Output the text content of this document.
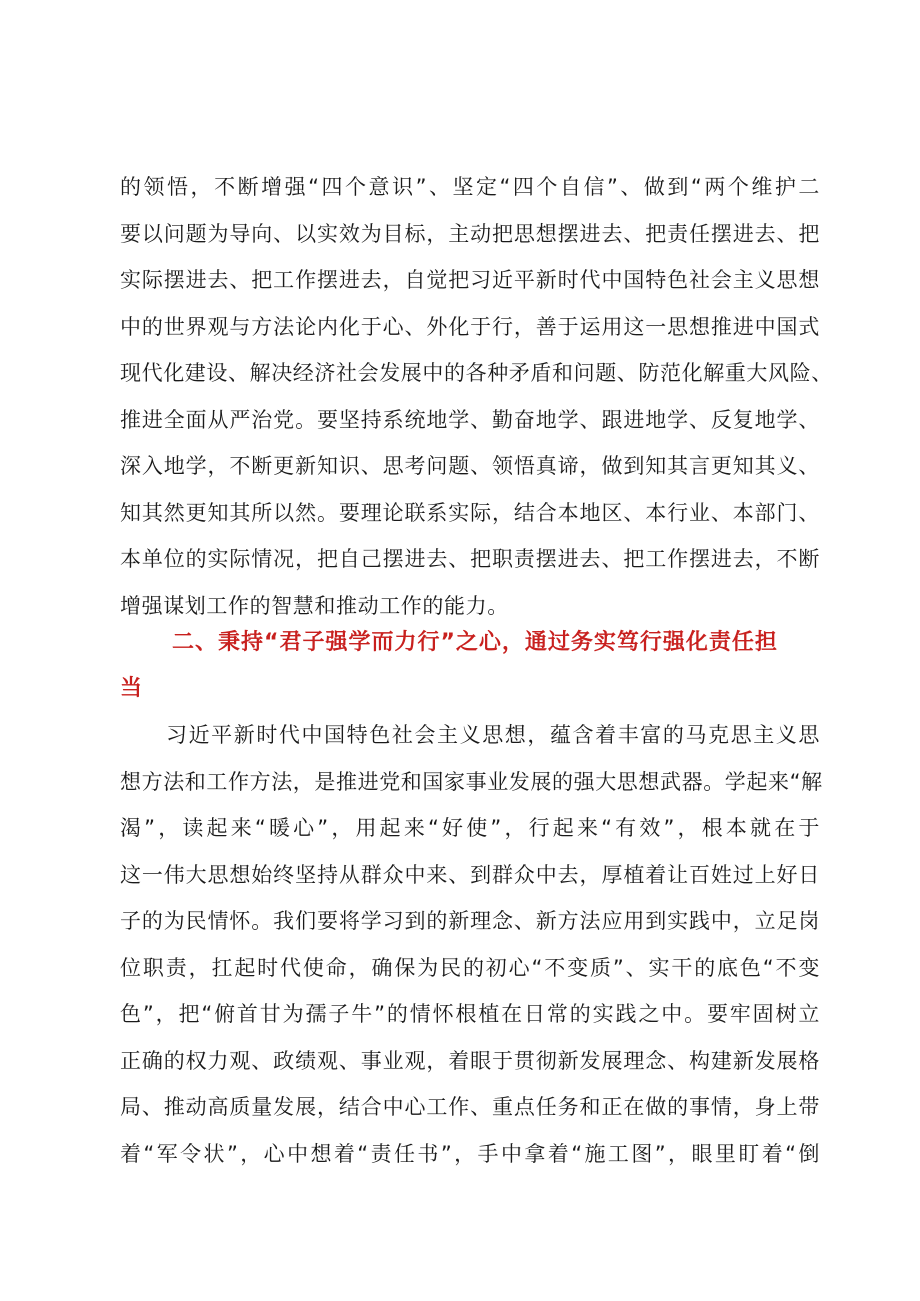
的领悟，不断增强“四个意识”、坚定“四个自信”、做到“两个维护二
要以问题为导向、以实效为目标，主动把思想摆进去、把责任摆进去、把
实际摆进去、把工作摆进去，自觉把习近平新时代中国特色社会主义思想
中的世界观与方法论内化于心、外化于行，善于运用这一思想推进中国式
现代化建设、解决经济社会发展中的各种矛盾和问题、防范化解重大风险、
推进全面从严治党。要坚持系统地学、勤奋地学、跟进地学、反复地学、
深入地学，不断更新知识、思考问题、领悟真谛，做到知其言更知其义、
知其然更知其所以然。要理论联系实际，结合本地区、本行业、本部门、
本单位的实际情况，把自己摆进去、把职责摆进去、把工作摆进去，不断
增强谋划工作的智慧和推动工作的能力。
二、秉持“君子强学而力行”之心，通过务实笃行强化责任担
当
习近平新时代中国特色社会主义思想，蕴含着丰富的马克思主义思
想方法和工作方法，是推进党和国家事业发展的强大思想武器。学起来“解
渴”，读起来“暖心”，用起来“好使”，行起来“有效”，根本就在于
这一伟大思想始终坚持从群众中来、到群众中去，厚植着让百姓过上好日
子的为民情怀。我们要将学习到的新理念、新方法应用到实践中，立足岗
位职责，扛起时代使命，确保为民的初心“不变质”、实干的底色“不变
色”，把“俯首甘为孺子牛”的情怀根植在日常的实践之中。要牢固树立
正确的权力观、政绩观、事业观，着眼于贯彻新发展理念、构建新发展格
局、推动高质量发展，结合中心工作、重点任务和正在做的事情，身上带
着“军令状”，心中想着“责任书”，手中拿着“施工图”，眼里盯着“倒
